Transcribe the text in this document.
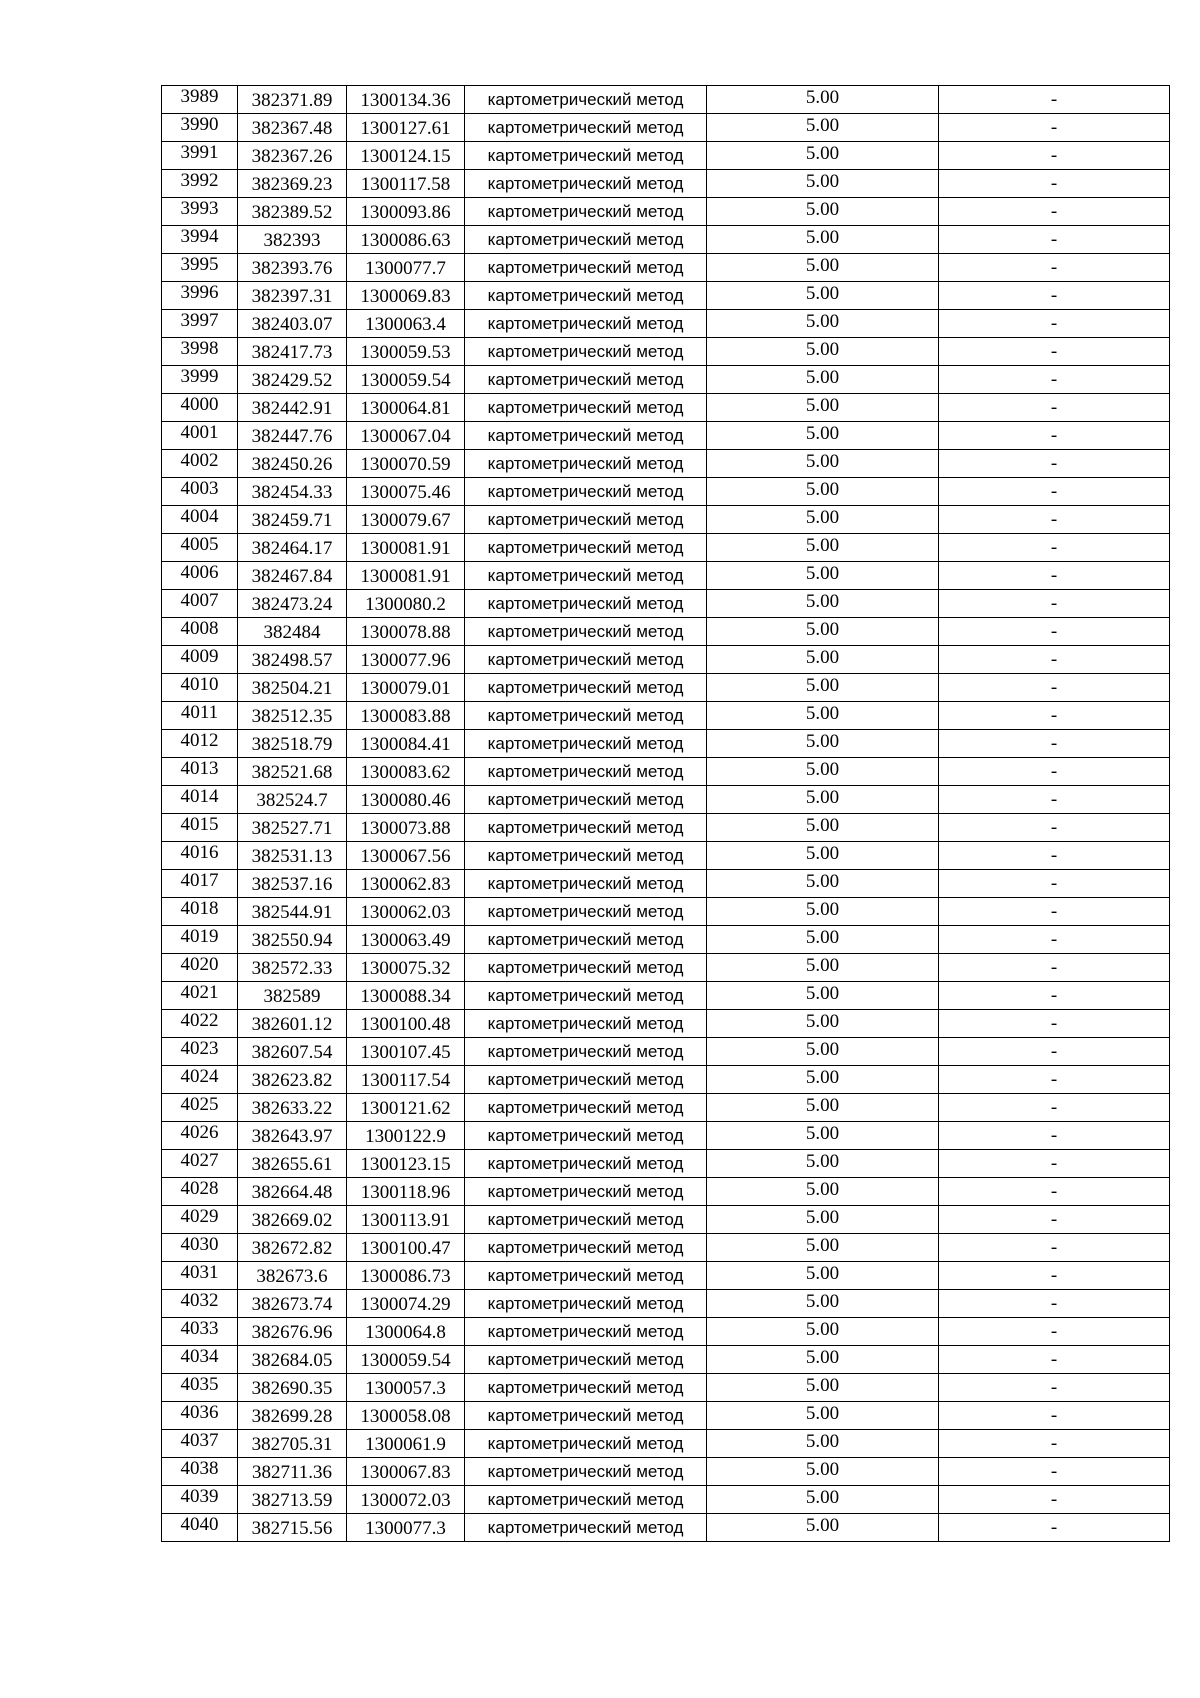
3989	382371.89	1300134.36	картометрический метод	5.00	-
3990	382367.48	1300127.61	картометрический метод	5.00	-
3991	382367.26	1300124.15	картометрический метод	5.00	-
3992	382369.23	1300117.58	картометрический метод	5.00	-
3993	382389.52	1300093.86	картометрический метод	5.00	-
3994	382393	1300086.63	картометрический метод	5.00	-
3995	382393.76	1300077.7	картометрический метод	5.00	-
3996	382397.31	1300069.83	картометрический метод	5.00	-
3997	382403.07	1300063.4	картометрический метод	5.00	-
3998	382417.73	1300059.53	картометрический метод	5.00	-
3999	382429.52	1300059.54	картометрический метод	5.00	-
4000	382442.91	1300064.81	картометрический метод	5.00	-
4001	382447.76	1300067.04	картометрический метод	5.00	-
4002	382450.26	1300070.59	картометрический метод	5.00	-
4003	382454.33	1300075.46	картометрический метод	5.00	-
4004	382459.71	1300079.67	картометрический метод	5.00	-
4005	382464.17	1300081.91	картометрический метод	5.00	-
4006	382467.84	1300081.91	картометрический метод	5.00	-
4007	382473.24	1300080.2	картометрический метод	5.00	-
4008	382484	1300078.88	картометрический метод	5.00	-
4009	382498.57	1300077.96	картометрический метод	5.00	-
4010	382504.21	1300079.01	картометрический метод	5.00	-
4011	382512.35	1300083.88	картометрический метод	5.00	-
4012	382518.79	1300084.41	картометрический метод	5.00	-
4013	382521.68	1300083.62	картометрический метод	5.00	-
4014	382524.7	1300080.46	картометрический метод	5.00	-
4015	382527.71	1300073.88	картометрический метод	5.00	-
4016	382531.13	1300067.56	картометрический метод	5.00	-
4017	382537.16	1300062.83	картометрический метод	5.00	-
4018	382544.91	1300062.03	картометрический метод	5.00	-
4019	382550.94	1300063.49	картометрический метод	5.00	-
4020	382572.33	1300075.32	картометрический метод	5.00	-
4021	382589	1300088.34	картометрический метод	5.00	-
4022	382601.12	1300100.48	картометрический метод	5.00	-
4023	382607.54	1300107.45	картометрический метод	5.00	-
4024	382623.82	1300117.54	картометрический метод	5.00	-
4025	382633.22	1300121.62	картометрический метод	5.00	-
4026	382643.97	1300122.9	картометрический метод	5.00	-
4027	382655.61	1300123.15	картометрический метод	5.00	-
4028	382664.48	1300118.96	картометрический метод	5.00	-
4029	382669.02	1300113.91	картометрический метод	5.00	-
4030	382672.82	1300100.47	картометрический метод	5.00	-
4031	382673.6	1300086.73	картометрический метод	5.00	-
4032	382673.74	1300074.29	картометрический метод	5.00	-
4033	382676.96	1300064.8	картометрический метод	5.00	-
4034	382684.05	1300059.54	картометрический метод	5.00	-
4035	382690.35	1300057.3	картометрический метод	5.00	-
4036	382699.28	1300058.08	картометрический метод	5.00	-
4037	382705.31	1300061.9	картометрический метод	5.00	-
4038	382711.36	1300067.83	картометрический метод	5.00	-
4039	382713.59	1300072.03	картометрический метод	5.00	-
4040	382715.56	1300077.3	картометрический метод	5.00	-
